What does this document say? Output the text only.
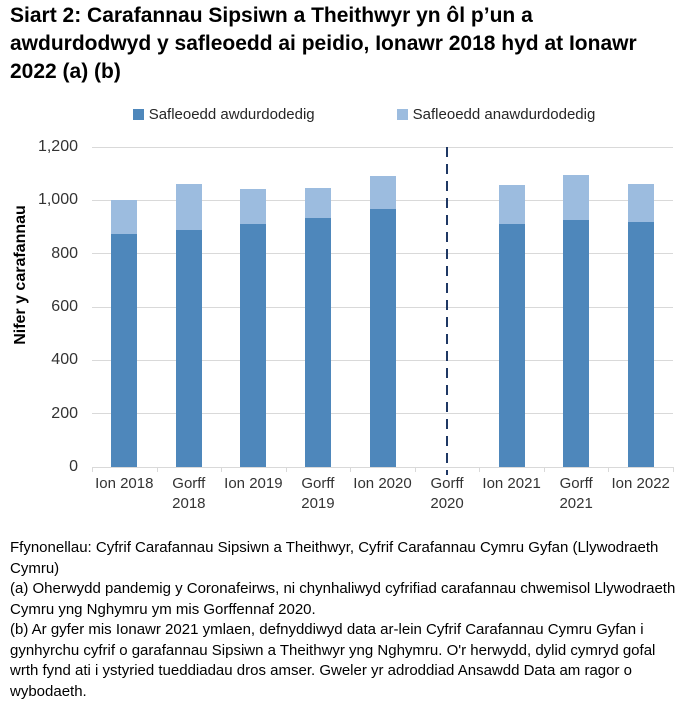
Siart 2: Carafannau Sipsiwn a Theithwyr yn ôl p’un a awdurdodwyd y safleoedd ai peidio, Ionawr 2018 hyd at Ionawr 2022 (a) (b)
Safleoedd awdurdodedig	Safleoedd anawdurdodedig
Nifer y carafannau
0
200
400
600
800
1,000
1,200
Ion 2018	Gorff 2018
Ion 2019	Gorff 2019
Ion 2020	Gorff 2020
Ion 2021	Gorff 2021
Ion 2022

Ffynonellau: Cyfrif Carafannau Sipsiwn a Theithwyr, Cyfrif Carafannau Cymru Gyfan (Llywodraeth Cymru)

(a) Oherwydd pandemig y Coronafeirws, ni chynhaliwyd cyfrifiad carafannau chwemisol Llywodraeth Cymru yng Nghymru ym mis Gorffennaf 2020.

(b) Ar gyfer mis Ionawr 2021 ymlaen, defnyddiwyd data ar-lein Cyfrif Carafannau Cymru Gyfan i gynhyrchu cyfrif o garafannau Sipsiwn a Theithwyr yng Nghymru. O'r herwydd, dylid cymryd gofal wrth fynd ati i ystyried tueddiadau dros amser. Gweler yr adroddiad Ansawdd Data am ragor o wybodaeth.
